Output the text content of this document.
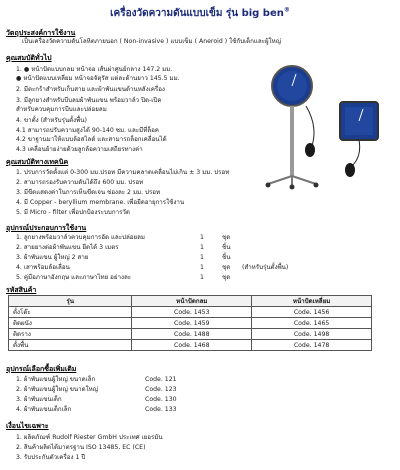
เครื่องวัดความดันแบบเข็ม รุ่น big ben®
วัตถุประสงค์การใช้งาน
เป็นเครื่องวัดความดันโลหิตภายนอก ( Non-invasive ) แบบเข็ม ( Aneroid ) ใช้กับเด็กและผู้ใหญ่
คุณสมบัติทั่วไป
1. ● หน้าปัดแบบกลม หน้าจอ เส้นผ่าศูนย์กลาง 147.2 มม.
● หน้าปัดแบบเหลี่ยม หน้าจอจัตุรัส แต่ละด้านยาว 145.5 มม.
2. มีตะกร้าสำหรับเก็บสาย และผ้าพันแขนด้านหลังเครื่อง
3. มีลูกยางสำหรับบีบลมผ้าพันแขน พร้อมวาล์ว ปิด-เปิด
สำหรับควบคุมการบีบและปล่อยลม
4. ขาตั้ง (สำหรับรุ่นตั้งพื้น)
4.1 สามารถปรับความสูงได้ 90-140 ซม. และมีที่ล็อค
4.2 ขาฐานมาให้แบบล้อสไลด์ และสามารถล็อกเคลื่อนได้
4.3 เคลื่อนย้ายง่ายด้วยลูกล้อความเสถียรทางค่า
คุณสมบัติทางเทคนิค
1. ปรบการวัดตั้งแต่ 0-300 มม.ปรอท มีความคลาดเคลื่อนไม่เกิน ± 3 มม. ปรอท
2. สามารถรองรับความดันได้ถึง 600 มม. ปรอท
3. มีขีดแสดงค่าในการเห็นขีดเจน ช่องละ 2 มม. ปรอท
4. มี Copper - beryllium membrane. เพื่อยืดอายุการใช้งาน
5. มี Micro - filter เพื่อปกป้องระบบการวัด
อุปกรณ์ประกอบการใช้งาน
1. ลูกยางพร้อมวาล์วควบคุมการอัด และปล่อยลม	1	ชุด
2. สายยางต่อผ้าพันแขน ยืดได้ 3 เมตร	1	ชิ้น
3. ผ้าพันแขน ผู้ใหญ่ 2 สาย	1	ชิ้น
4. เสาพร้อมล้อเลื่อน	1	ชุด (สำหรับรุ่นตั้งพื้น)
5. คู่มือภาษาอังกฤษ และภาษาไทย อย่างละ	1	ชุด
รหัสสินค้า
รุ่น	หน้าปัดกลม	หน้าปัดเหลี่ยม
ตั้งโต๊ะ	Code. 1453	Code. 1456
ติดผนัง	Code. 1459	Code. 1465
ติดราง	Code. 1488	Code. 1498
ตั้งพื้น	Code. 1468	Code. 1478
อุปกรณ์เลือกซื้อเพิ่มเติม
1. ผ้าพันแขนผู้ใหญ่ ขนาดเล็ก	Code. 121
2. ผ้าพันแขนผู้ใหญ่ ขนาดใหญ่	Code. 123
3. ผ้าพันแขนเด็ก	Code. 130
4. ผ้าพันแขนเด็กเล็ก	Code. 133
เงื่อนไขเฉพาะ
1. ผลิตภัณฑ์ Rudolf Riester GmbH ประเทศ เยอรมัน
2. สินค้าผลิตได้มาตรฐาน ISO 13485, EC (CE)
3. รับประกันตัวเครื่อง 1 ปี
